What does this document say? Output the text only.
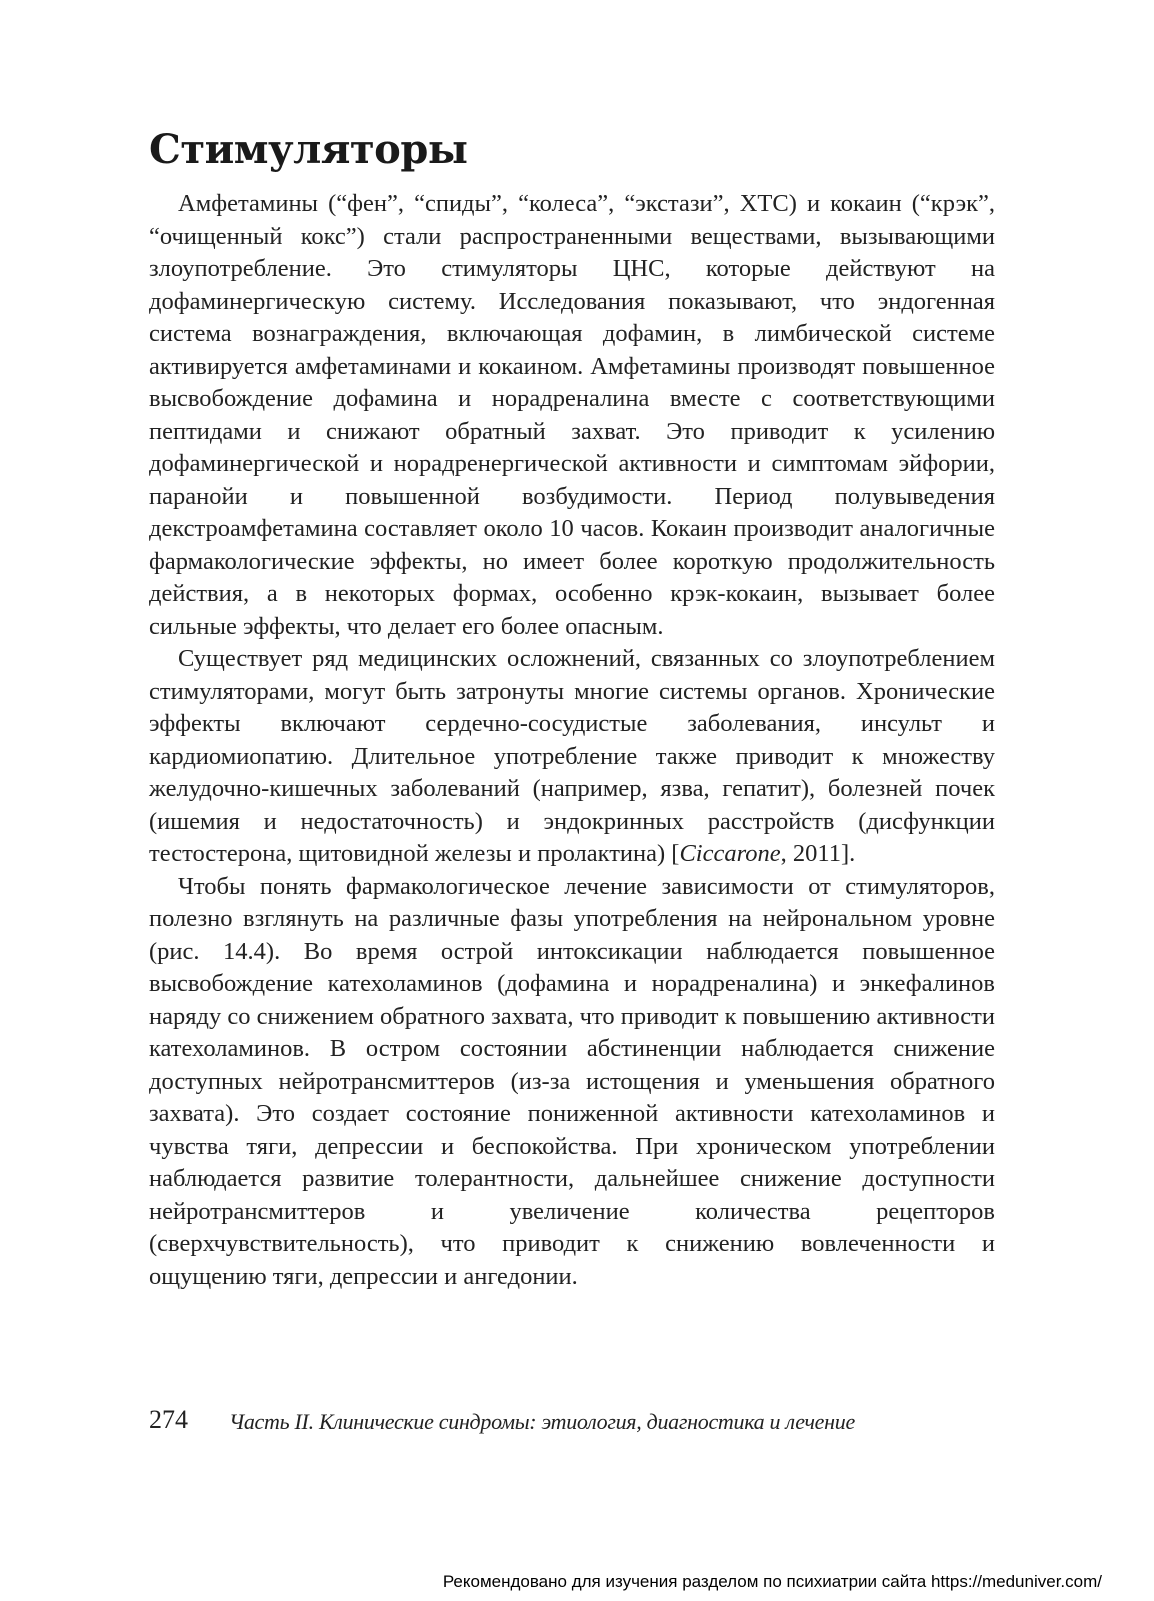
Стимуляторы

Амфетамины (“фен”, “спиды”, “колеса”, “экстази”, ХТС) и кокаин (“крэк”, “очищенный кокс”) стали распространенными веществами, вызывающими злоупотребление. Это стимуляторы ЦНС, которые действуют на дофаминергическую систему. Исследования показывают, что эндогенная система вознаграждения, включающая дофамин, в лимбической системе активируется амфетаминами и кокаином. Амфетамины производят повышенное высвобождение дофамина и норадреналина вместе с соответствующими пептидами и снижают обратный захват. Это приводит к усилению дофаминергической и норадренергической активности и симптомам эйфории, паранойи и повышенной возбудимости. Период полувыведения декстроамфетамина составляет около 10 часов. Кокаин производит аналогичные фармакологические эффекты, но имеет более короткую продолжительность действия, а в некоторых формах, особенно крэк-кокаин, вызывает более сильные эффекты, что делает его более опасным.

Существует ряд медицинских осложнений, связанных со злоупотреблением стимуляторами, могут быть затронуты многие системы органов. Хронические эффекты включают сердечно-сосудистые заболевания, инсульт и кардиомиопатию. Длительное употребление также приводит к множеству желудочно-кишечных заболеваний (например, язва, гепатит), болезней почек (ишемия и недостаточность) и эндокринных расстройств (дисфункции тестостерона, щитовидной железы и пролактина) [Ciccarone, 2011].

Чтобы понять фармакологическое лечение зависимости от стимуляторов, полезно взглянуть на различные фазы употребления на нейрональном уровне (рис. 14.4). Во время острой интоксикации наблюдается повышенное высвобождение катехоламинов (дофамина и норадреналина) и энкефалинов наряду со снижением обратного захвата, что приводит к повышению активности катехоламинов. В остром состоянии абстиненции наблюдается снижение доступных нейротрансмиттеров (из-за истощения и уменьшения обратного захвата). Это создает состояние пониженной активности катехоламинов и чувства тяги, депрессии и беспокойства. При хроническом употреблении наблюдается развитие толерантности, дальнейшее снижение доступности нейротрансмиттеров и увеличение количества рецепторов (сверхчувствительность), что приводит к снижению вовлеченности и ощущению тяги, депрессии и ангедонии.

274 Часть II. Клинические синдромы: этиология, диагностика и лечение
Рекомендовано для изучения разделом по психиатрии сайта https://meduniver.com/
